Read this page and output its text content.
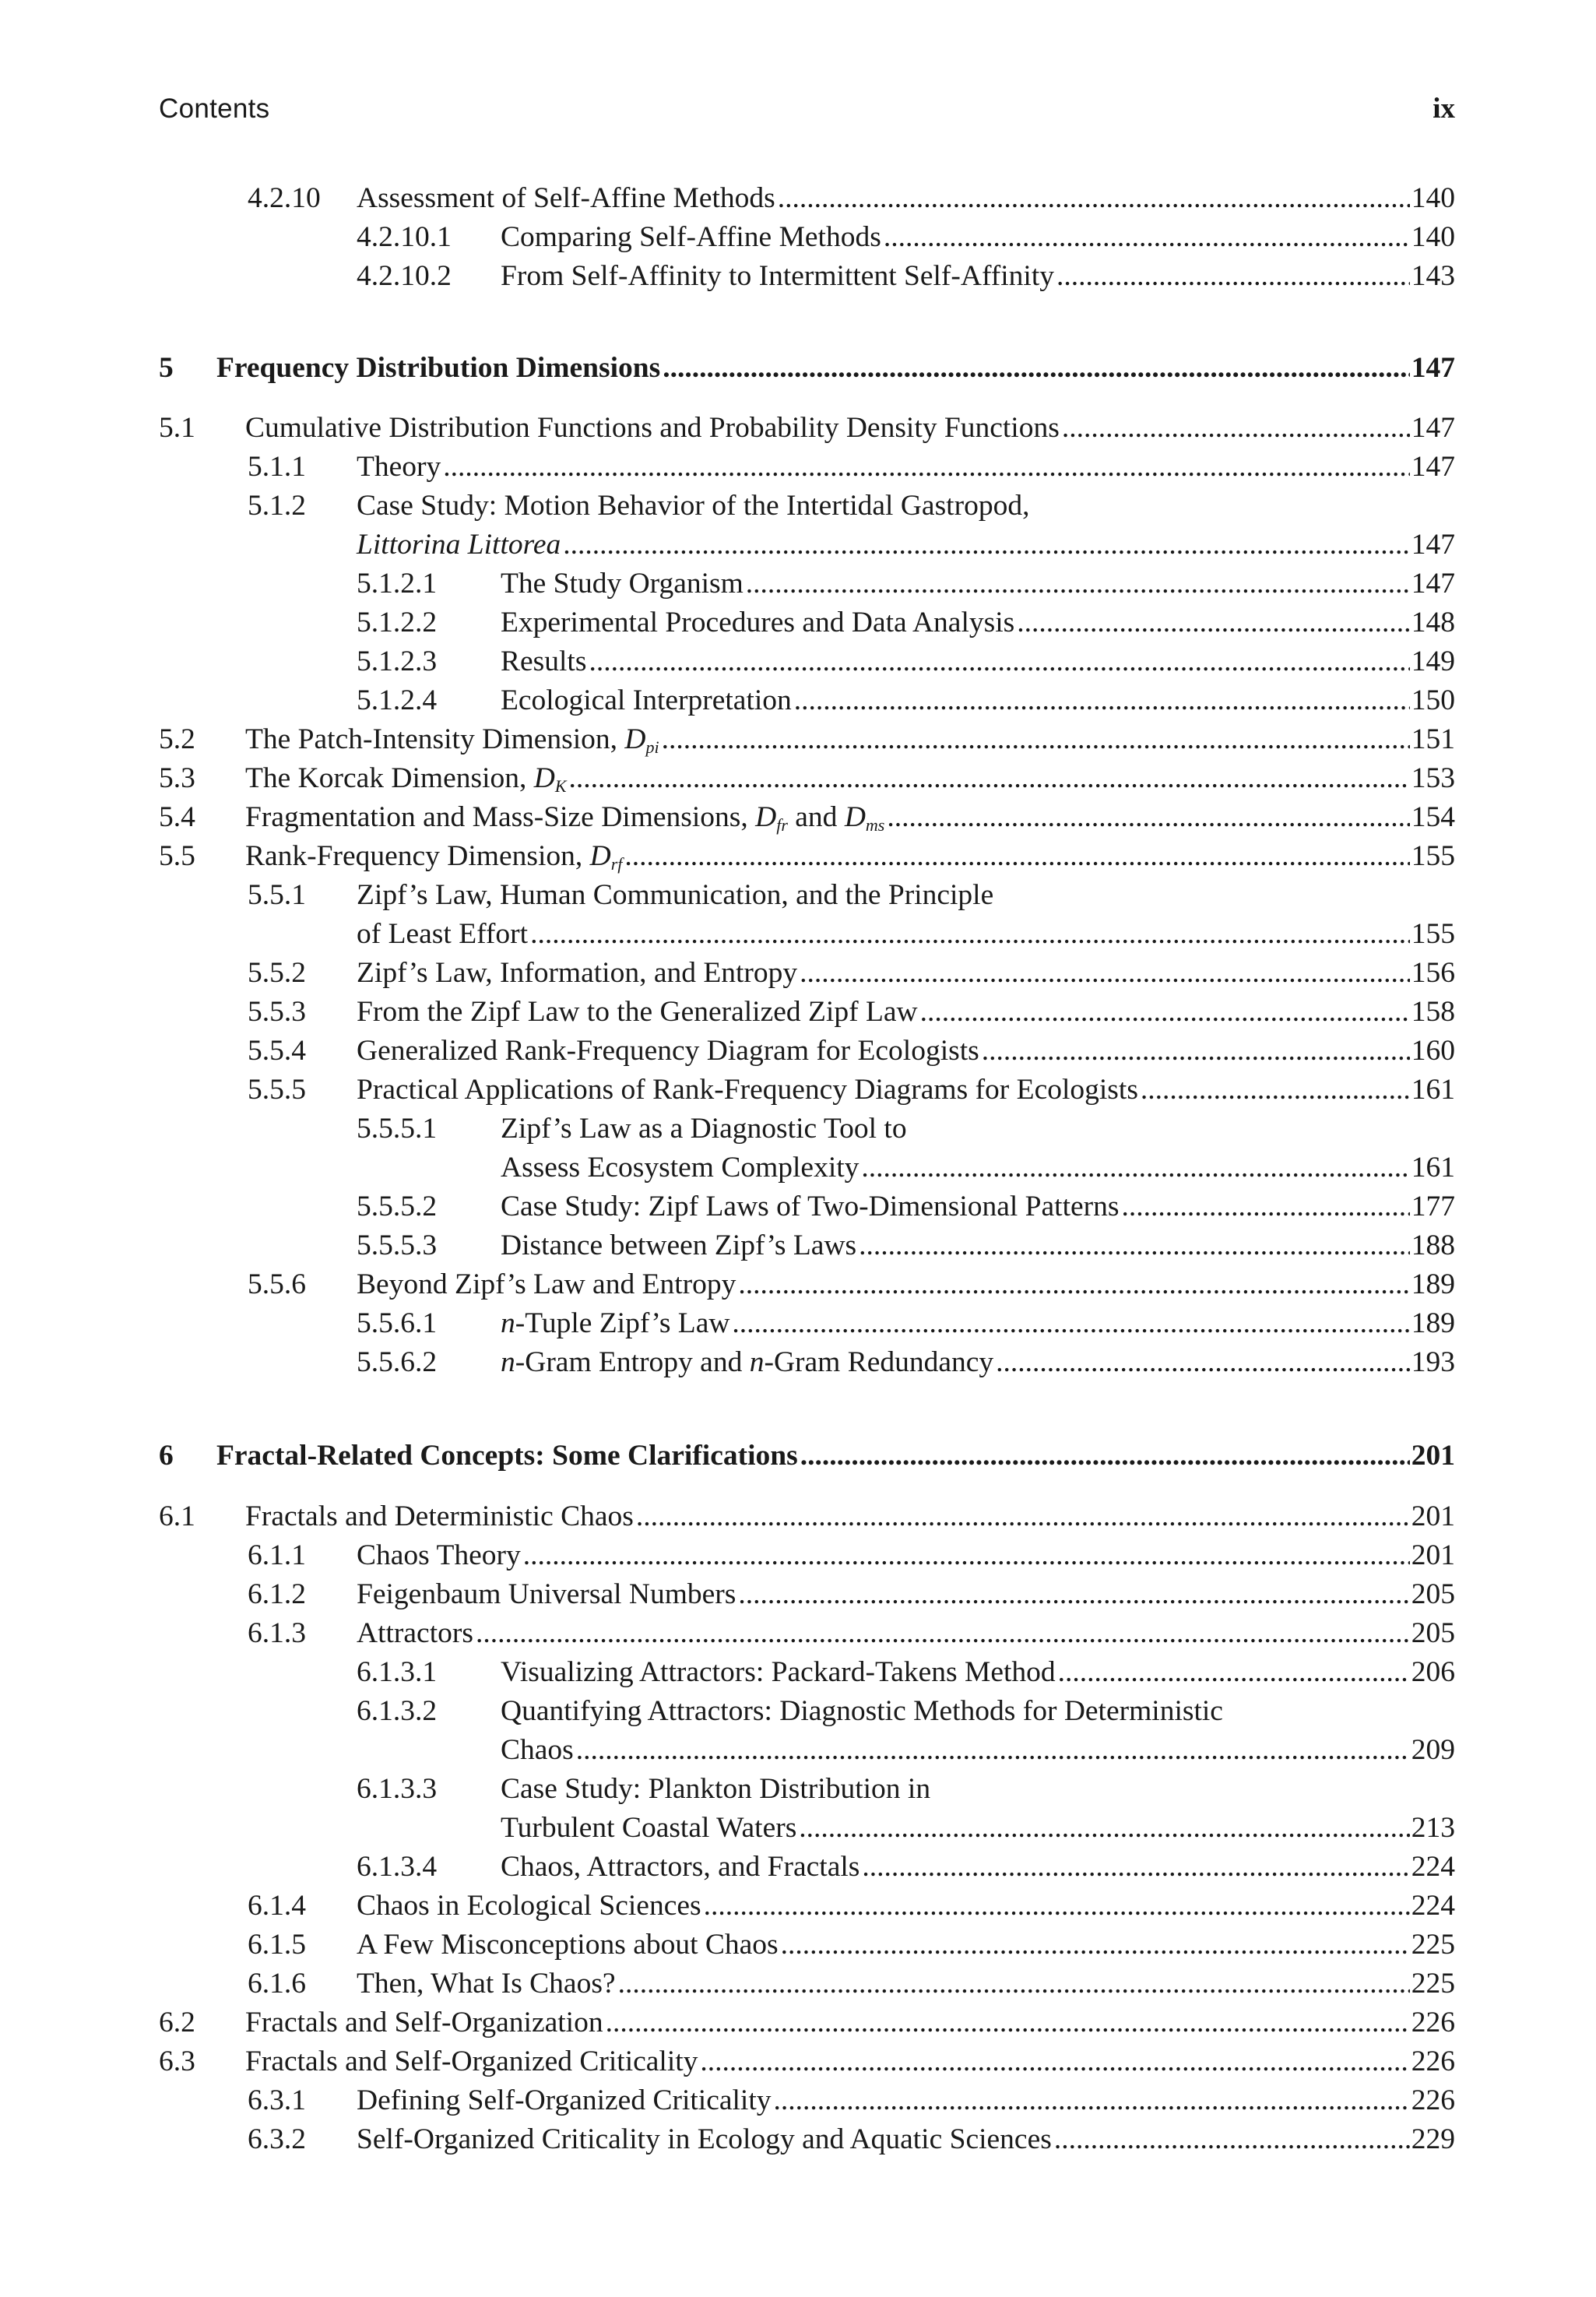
Contents	ix
4.2.10 Assessment of Self-Affine Methods .....	140
4.2.10.1 Comparing Self-Affine Methods .....	140
4.2.10.2 From Self-Affinity to Intermittent Self-Affinity .....	143
5 Frequency Distribution Dimensions .....	147
5.1 Cumulative Distribution Functions and Probability Density Functions .....	147
5.1.1 Theory .....	147
5.1.2 Case Study: Motion Behavior of the Intertidal Gastropod,
Littorina Littorea .....	147
5.1.2.1 The Study Organism .....	147
5.1.2.2 Experimental Procedures and Data Analysis .....	148
5.1.2.3 Results .....	149
5.1.2.4 Ecological Interpretation .....	150
5.2 The Patch-Intensity Dimension, $D_{pi}$ .....	151
5.3 The Korcak Dimension, $D_K$ .....	153
5.4 Fragmentation and Mass-Size Dimensions, $D_{fr}$ and $D_{ms}$ .....	154
5.5 Rank-Frequency Dimension, $D_{rf}$ .....	155
5.5.1 Zipf’s Law, Human Communication, and the Principle
of Least Effort .....	155
5.5.2 Zipf’s Law, Information, and Entropy .....	156
5.5.3 From the Zipf Law to the Generalized Zipf Law .....	158
5.5.4 Generalized Rank-Frequency Diagram for Ecologists .....	160
5.5.5 Practical Applications of Rank-Frequency Diagrams for Ecologists .....	161
5.5.5.1 Zipf’s Law as a Diagnostic Tool to
Assess Ecosystem Complexity .....	161
5.5.5.2 Case Study: Zipf Laws of Two-Dimensional Patterns .....	177
5.5.5.3 Distance between Zipf’s Laws .....	188
5.5.6 Beyond Zipf’s Law and Entropy .....	189
5.5.6.1 n-Tuple Zipf’s Law .....	189
5.5.6.2 n-Gram Entropy and n-Gram Redundancy .....	193
6 Fractal-Related Concepts: Some Clarifications .....	201
6.1 Fractals and Deterministic Chaos .....	201
6.1.1 Chaos Theory .....	201
6.1.2 Feigenbaum Universal Numbers .....	205
6.1.3 Attractors .....	205
6.1.3.1 Visualizing Attractors: Packard-Takens Method .....	206
6.1.3.2 Quantifying Attractors: Diagnostic Methods for Deterministic
Chaos .....	209
6.1.3.3 Case Study: Plankton Distribution in
Turbulent Coastal Waters .....	213
6.1.3.4 Chaos, Attractors, and Fractals .....	224
6.1.4 Chaos in Ecological Sciences .....	224
6.1.5 A Few Misconceptions about Chaos .....	225
6.1.6 Then, What Is Chaos? .....	225
6.2 Fractals and Self-Organization .....	226
6.3 Fractals and Self-Organized Criticality .....	226
6.3.1 Defining Self-Organized Criticality .....	226
6.3.2 Self-Organized Criticality in Ecology and Aquatic Sciences .....	229
